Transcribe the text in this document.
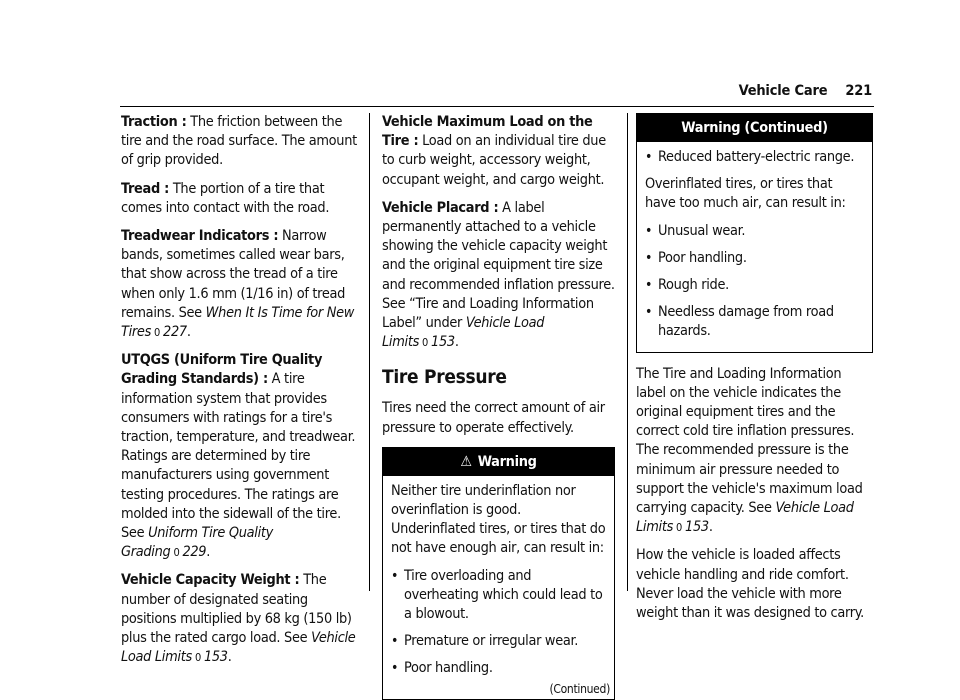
Vehicle Care 221

Traction : The friction between the tire and the road surface. The amount of grip provided.

Tread : The portion of a tire that comes into contact with the road.

Treadwear Indicators : Narrow bands, sometimes called wear bars, that show across the tread of a tire when only 1.6 mm (1/16 in) of tread remains. See When It Is Time for New Tires 0 227.

UTQGS (Uniform Tire Quality Grading Standards) : A tire information system that provides consumers with ratings for a tire's traction, temperature, and treadwear. Ratings are determined by tire manufacturers using government testing procedures. The ratings are molded into the sidewall of the tire. See Uniform Tire Quality Grading 0 229.

Vehicle Capacity Weight : The number of designated seating positions multiplied by 68 kg (150 lb) plus the rated cargo load. See Vehicle Load Limits 0 153.

Vehicle Maximum Load on the Tire : Load on an individual tire due to curb weight, accessory weight, occupant weight, and cargo weight.

Vehicle Placard : A label permanently attached to a vehicle showing the vehicle capacity weight and the original equipment tire size and recommended inflation pressure. See “Tire and Loading Information Label” under Vehicle Load Limits 0 153.

Tire Pressure

Tires need the correct amount of air pressure to operate effectively.

⚠ Warning

Neither tire underinflation nor overinflation is good. Underinflated tires, or tires that do not have enough air, can result in:

• Tire overloading and overheating which could lead to a blowout.
• Premature or irregular wear.
• Poor handling.
(Continued)
Warning (Continued)
• Reduced battery-electric range.

Overinflated tires, or tires that have too much air, can result in:

• Unusual wear.
• Poor handling.
• Rough ride.
• Needless damage from road hazards.

The Tire and Loading Information label on the vehicle indicates the original equipment tires and the correct cold tire inflation pressures. The recommended pressure is the minimum air pressure needed to support the vehicle's maximum load carrying capacity. See Vehicle Load Limits 0 153.

How the vehicle is loaded affects vehicle handling and ride comfort. Never load the vehicle with more weight than it was designed to carry.
